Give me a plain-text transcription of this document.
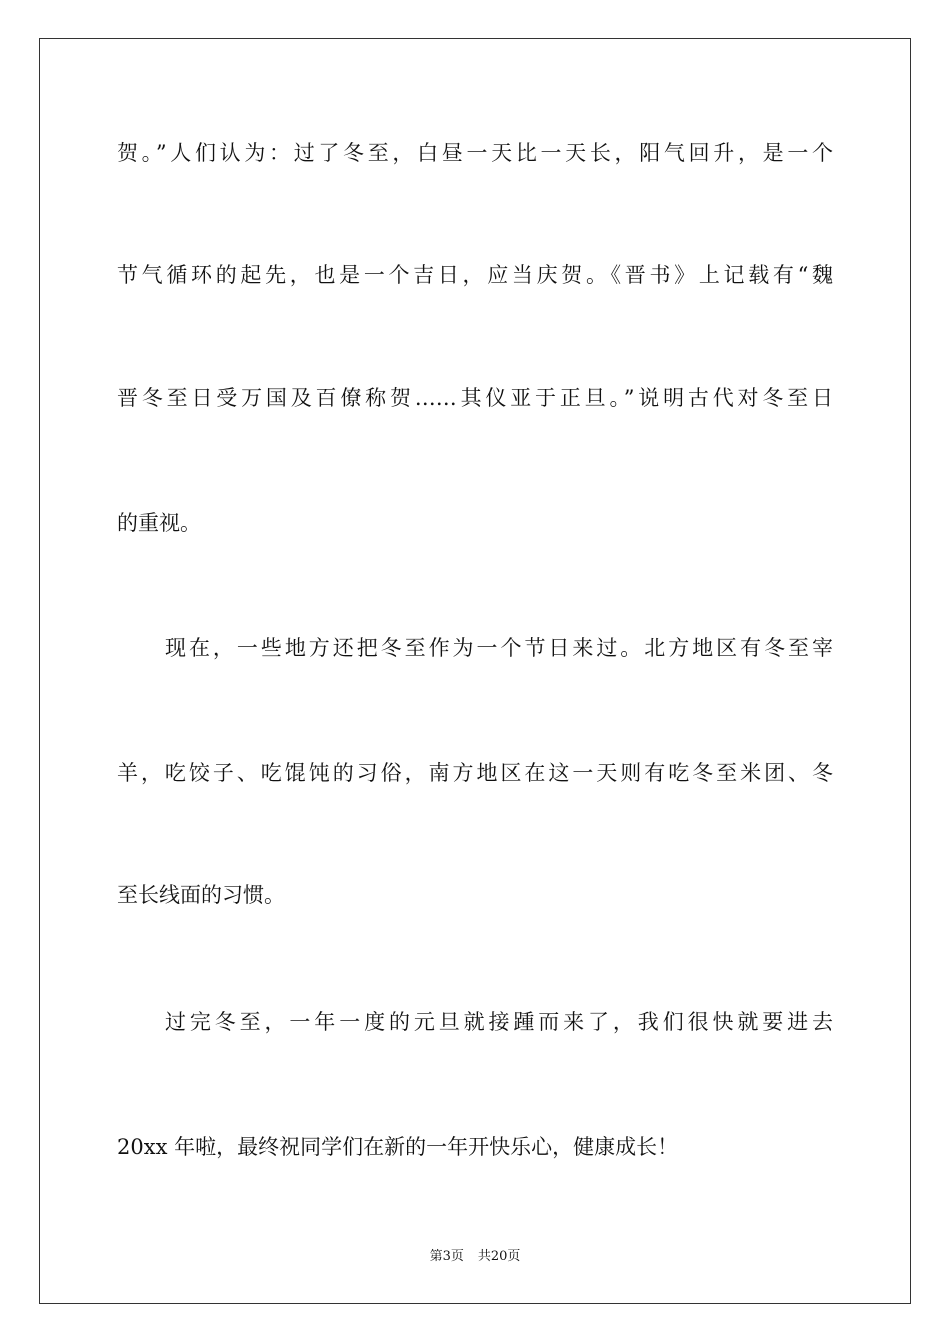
贺。”人们认为：过了冬至，白昼一天比一天长，阳气回升，是一个
节气循环的起先，也是一个吉日，应当庆贺。《晋书》上记载有“魏
晋冬至日受万国及百僚称贺……其仪亚于正旦。”说明古代对冬至日
的重视。
现在，一些地方还把冬至作为一个节日来过。北方地区有冬至宰
羊，吃饺子、吃馄饨的习俗，南方地区在这一天则有吃冬至米团、冬
至长线面的习惯。
过完冬至，一年一度的元旦就接踵而来了，我们很快就要进去
20xx 年啦，最终祝同学们在新的一年开快乐心，健康成长！
第3页 共20页
